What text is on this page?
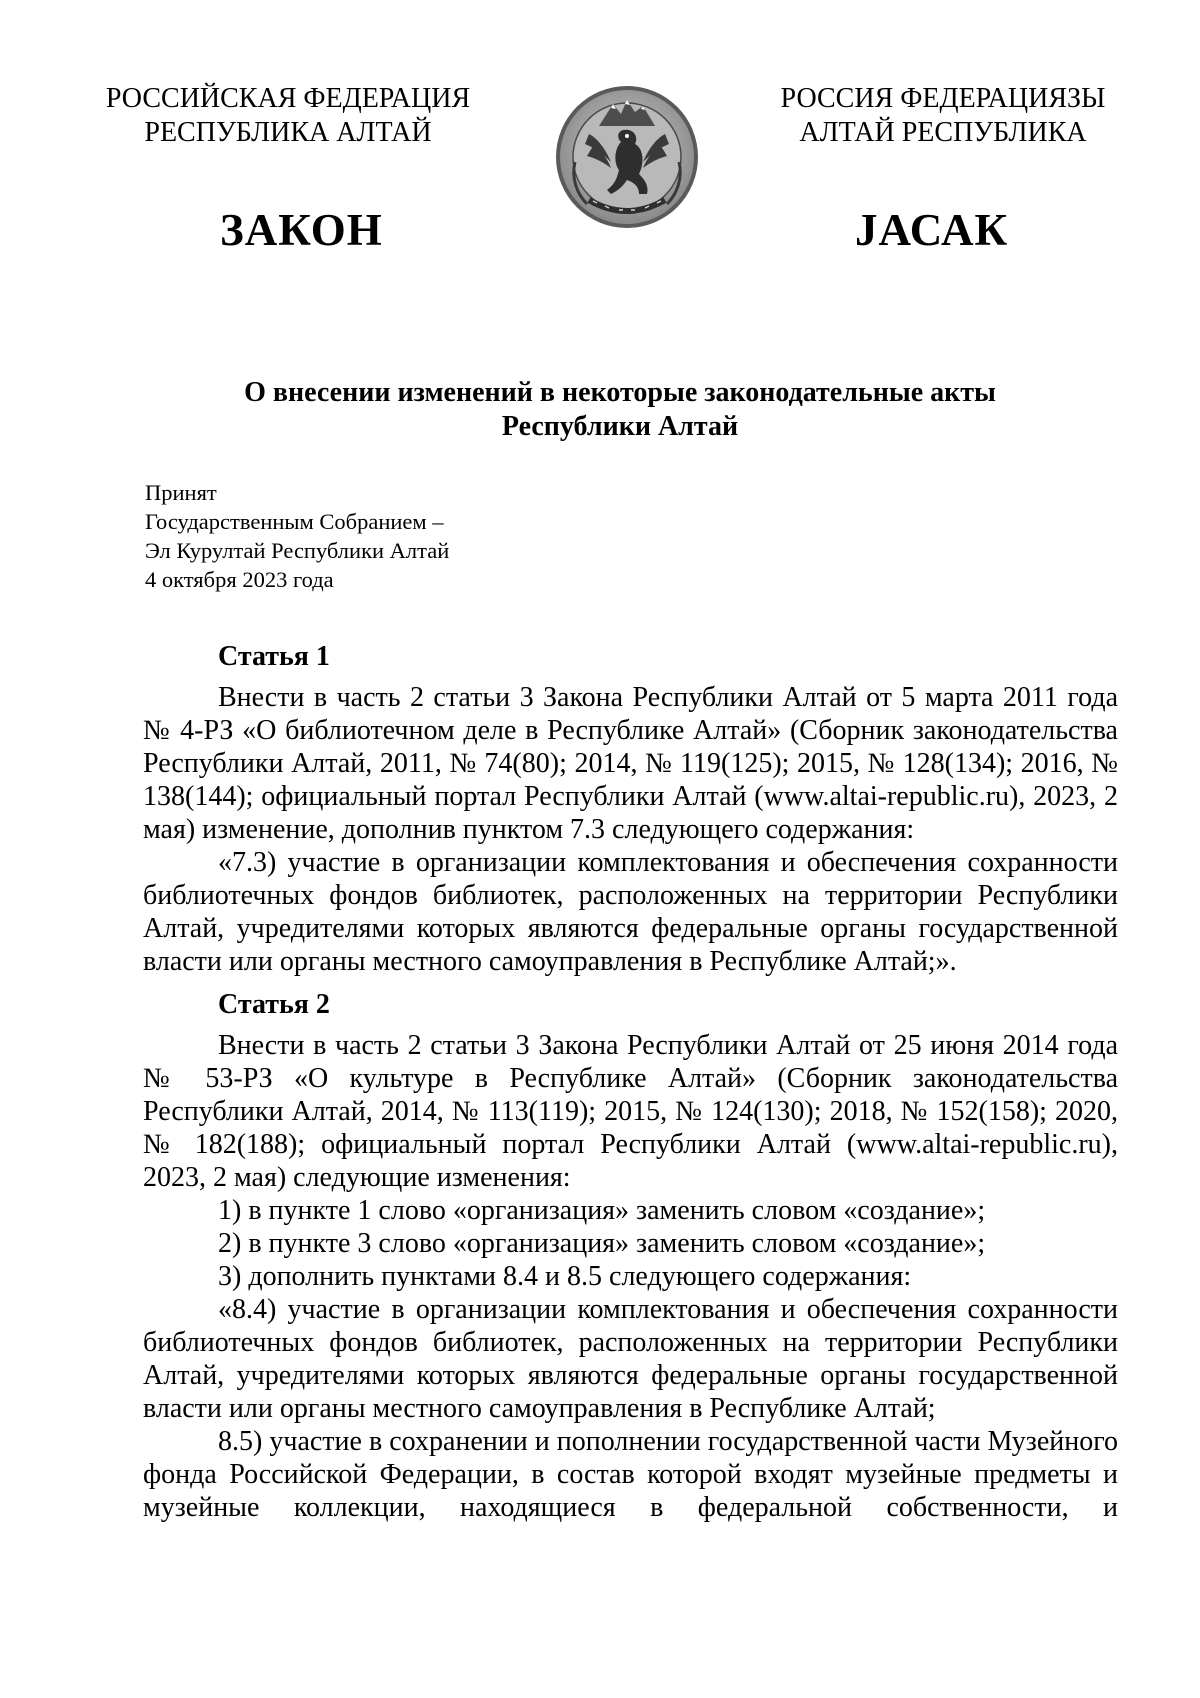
РОССИЙСКАЯ ФЕДЕРАЦИЯ
РЕСПУБЛИКА АЛТАЙ
РОССИЯ ФЕДЕРАЦИЯЗЫ
АЛТАЙ РЕСПУБЛИКА
ЗАКОН	JАСАК
О внесении изменений в некоторые законодательные акты
Республики Алтай
Принят
Государственным Собранием –
Эл Курултай Республики Алтай
4 октября 2023 года
Статья 1

Внести в часть 2 статьи 3 Закона Республики Алтай от 5 марта 2011 года № 4-РЗ «О библиотечном деле в Республике Алтай» (Сборник законодательства Республики Алтай, 2011, № 74(80); 2014, № 119(125); 2015, № 128(134); 2016, № 138(144); официальный портал Республики Алтай (www.altai-republic.ru), 2023, 2 мая) изменение, дополнив пунктом 7.3 следующего содержания:

«7.3) участие в организации комплектования и обеспечения сохранности библиотечных фондов библиотек, расположенных на территории Республики Алтай, учредителями которых являются федеральные органы государственной власти или органы местного самоуправления в Республике Алтай;».

Статья 2

Внести в часть 2 статьи 3 Закона Республики Алтай от 25 июня 2014 года № 53-РЗ «О культуре в Республике Алтай» (Сборник законодательства Республики Алтай, 2014, № 113(119); 2015, № 124(130); 2018, № 152(158); 2020, № 182(188); официальный портал Республики Алтай (www.altai-republic.ru), 2023, 2 мая) следующие изменения:

1) в пункте 1 слово «организация» заменить словом «создание»;

2) в пункте 3 слово «организация» заменить словом «создание»;

3) дополнить пунктами 8.4 и 8.5 следующего содержания:

«8.4) участие в организации комплектования и обеспечения сохранности библиотечных фондов библиотек, расположенных на территории Республики Алтай, учредителями которых являются федеральные органы государственной власти или органы местного самоуправления в Республике Алтай;

8.5) участие в сохранении и пополнении государственной части Музейного фонда Российской Федерации, в состав которой входят музейные предметы и музейные коллекции, находящиеся в федеральной собственности, и
